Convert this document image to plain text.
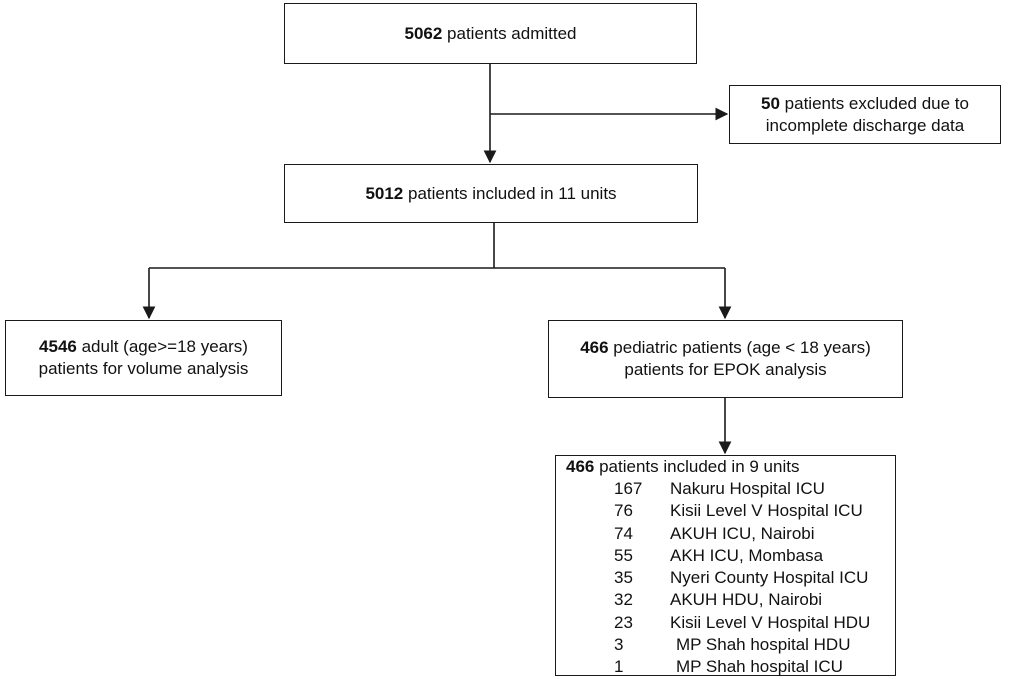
5062 patients admitted
50 patients excluded due to
incomplete discharge data
5012 patients included in 11 units
4546 adult (age>=18 years)
patients for volume analysis
466 pediatric patients (age < 18 years)
patients for EPOK analysis
466 patients included in 9 units
167	Nakuru Hospital ICU
76	Kisii Level V Hospital ICU
74	AKUH ICU, Nairobi
55	AKH ICU, Mombasa
35	Nyeri County Hospital ICU
32	AKUH HDU, Nairobi
23	Kisii Level V Hospital HDU
3	MP Shah hospital HDU
1	MP Shah hospital ICU
